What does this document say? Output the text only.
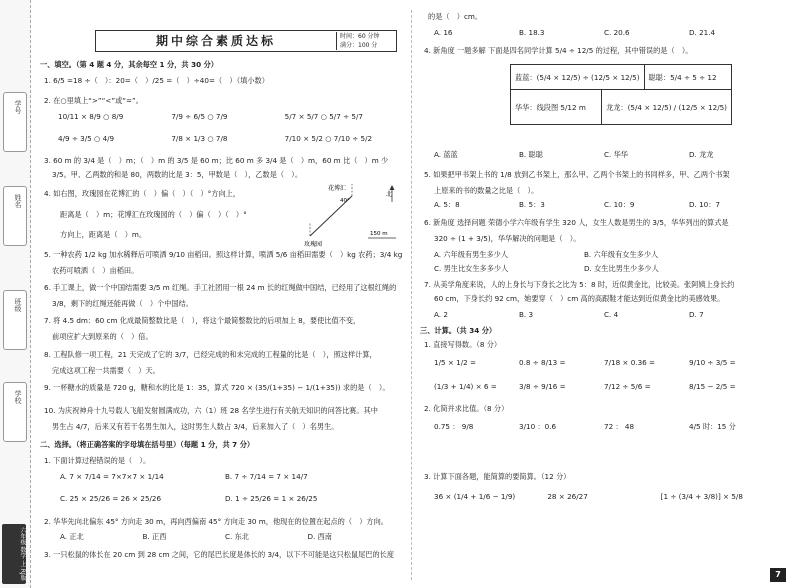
学号
姓名
班级
学校
六年级 数学 上 RJ版
期中综合素质达标	时间：60 分钟
满分：100 分
一、填空。（第 4 题 4 分，其余每空 1 分，共 30 分）
1. 6/5 =18 ÷（　）：20=（　）/25 =（　）÷40=（　）（填小数）
2. 在○里填上“>”“<”或“=”。
10/11 × 8/9 ○ 8/9	7/9 ÷ 6/5 ○ 7/9	5/7 × 5/7 ○ 5/7 ÷ 5/7
4/9 ÷ 3/5 ○ 4/9	7/8 × 1/3 ○ 7/8	7/10 × 5/2 ○ 7/10 ÷ 5/2
3. 60 m 的 3/4 是（　）m；（　）m 的 3/5 是 60 m；比 60 m 多 3/4 是（　）m，60 m 比（　）m 少
3/5。甲、乙两数的和是 80，两数的比是 3：5，甲数是（　），乙数是（　）。
4. 如右图，玫瑰园在花博汇的（　）偏（　）（　）°方向上，
距离是（　）m；花博汇在玫瑰园的（　）偏（　）（　）°
方向上，距离是（　）m。
北
花博汇
40°
玫瑰园
150 m
5. 一种农药 1/2 kg 加水稀释后可喷洒 9/10 亩稻田。照这样计算，喷洒 5/6 亩稻田需要（　）kg 农药；3/4 kg
农药可喷洒（　）亩稻田。
6. 手工课上，做一个中国结需要 3/5 m 红绳。手工社团用一根 24 m 长的红绳做中国结，已经用了这根红绳的
3/8，剩下的红绳还能再做（　）个中国结。
7. 将 4.5 dm：60 cm 化成最简整数比是（　），将这个最简整数比的后项加上 8，要使比值不变，
前项应扩大到原来的（　）倍。
8. 工程队修一项工程，21 天完成了它的 3/7，已经完成的和未完成的工程量的比是（　），照这样计算，
完成这项工程一共需要（　）天。
9. 一杯糖水的质量是 720 g，糖和水的比是 1：35，算式 720 × (35/(1+35) − 1/(1+35)) 求的是（　）。
10. 为庆祝神舟十九号载人飞船发射圆满成功，六（1）班 28 名学生进行有关航天知识的问答比赛。其中
男生占 4/7，后来又有若干名男生加入，这时男生人数占 3/4，后来加入了（　）名男生。
二、选择。（将正确答案的字母填在括号里）（每题 1 分，共 7 分）
1. 下面计算过程错误的是（　）。
A. 7 × 7/14 = 7×7×7 × 1/14	B. 7 ÷ 7/14 = 7 × 14/7
C. 25 × 25/26 = 26 × 25/26	D. 1 ÷ 25/26 = 1 × 26/25
2. 华华先向北偏东 45° 方向走 30 m，再向西偏南 45° 方向走 30 m，他现在的位置在起点的（　）方向。
A. 正北	B. 正西	C. 东北	D. 西南
3. 一只松鼠的体长在 20 cm 到 28 cm 之间，它的尾巴长度是体长的 3/4，以下不可能是这只松鼠尾巴的长度
的是（　）cm。
A. 16	B. 18.3	C. 20.6	D. 21.4
4. 新角度 一题多解 下面是四名同学计算 5/4 ÷ 12/5 的过程，其中错误的是（　）。
蓝蓝：(5/4 × 12/5) ÷ (12/5 × 12/5)	聪聪：5/4 ÷ 5 ÷ 12
华华：线段图 5/12 m	龙龙：(5/4 × 12/5) / (12/5 × 12/5)
A. 蓝蓝	B. 聪聪	C. 华华	D. 龙龙
5. 如果把甲书架上书的 1/8 放到乙书架上，那么甲、乙两个书架上的书同样多，甲、乙两个书架
上原来的书的数量之比是（　）。
A. 5：8	B. 5：3	C. 10：9	D. 10：7
6. 新角度 选择问题 荣德小学六年级有学生 320 人，女生人数是男生的 3/5，华华列出的算式是
320 ÷ (1 + 3/5)，华华解决的问题是（　）。
A. 六年级有男生多少人	B. 六年级有女生多少人
C. 男生比女生多多少人	D. 女生比男生少多少人
7. 从美学角度来说，人的上身长与下身长之比为 5：8 时，近似黄金比，比较美。张阿姨上身长约
60 cm，下身长约 92 cm，她要穿（　）cm 高的高跟鞋才能达到近似黄金比的美感效果。
A. 2	B. 3	C. 4	D. 7
三、计算。（共 34 分）
1. 直接写得数。（8 分）
1/5 × 1/2 =	0.8 ÷ 8/13 =	7/18 × 0.36 =	9/10 ÷ 3/5 =
(1/3 + 1/4) × 6 =	3/8 ÷ 9/16 =	7/12 ÷ 5/6 =	8/15 − 2/5 =
2. 化简并求比值。（8 分）
0.75 ： 9/8	3/10 ：0.6	72 ： 48	4/5 时：15 分
3. 计算下面各题，能简算的要简算。（12 分）
36 × (1/4 + 1/6 − 1/9)	28 × 26/27	[1 ÷ (3/4 + 3/8)] × 5/8
7
